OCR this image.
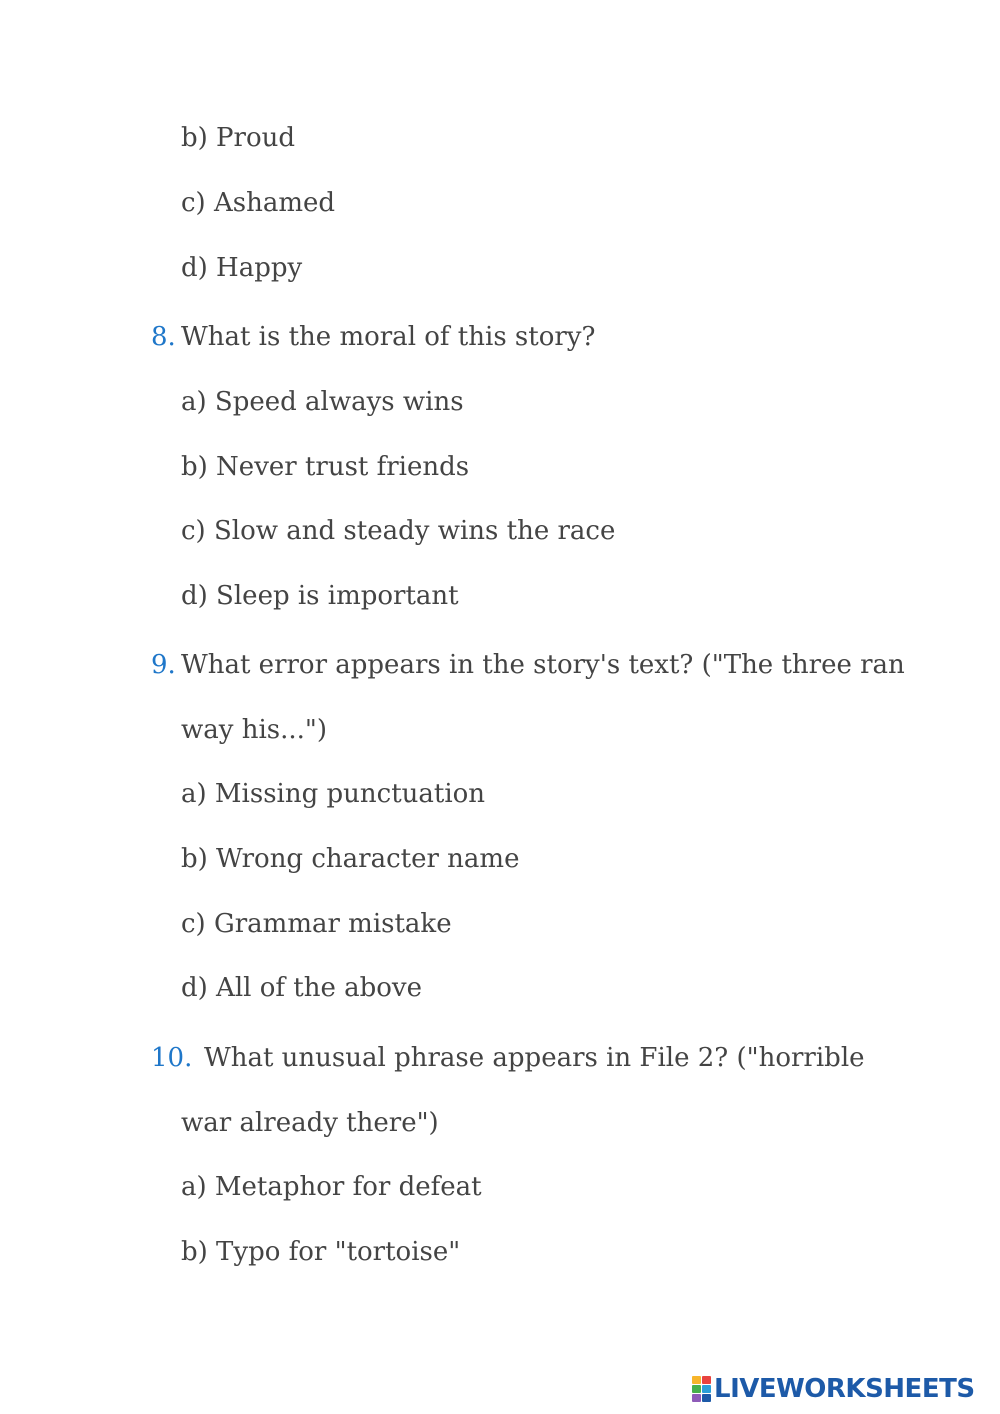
b) Proud
c) Ashamed
d) Happy
8. What is the moral of this story?
a) Speed always wins
b) Never trust friends
c) Slow and steady wins the race
d) Sleep is important
9. What error appears in the story's text? ("The three ran
way his...")
a) Missing punctuation
b) Wrong character name
c) Grammar mistake
d) All of the above
10. What unusual phrase appears in File 2? ("horrible
war already there")
a) Metaphor for defeat
b) Typo for "tortoise"
LIVEWORKSHEETS
